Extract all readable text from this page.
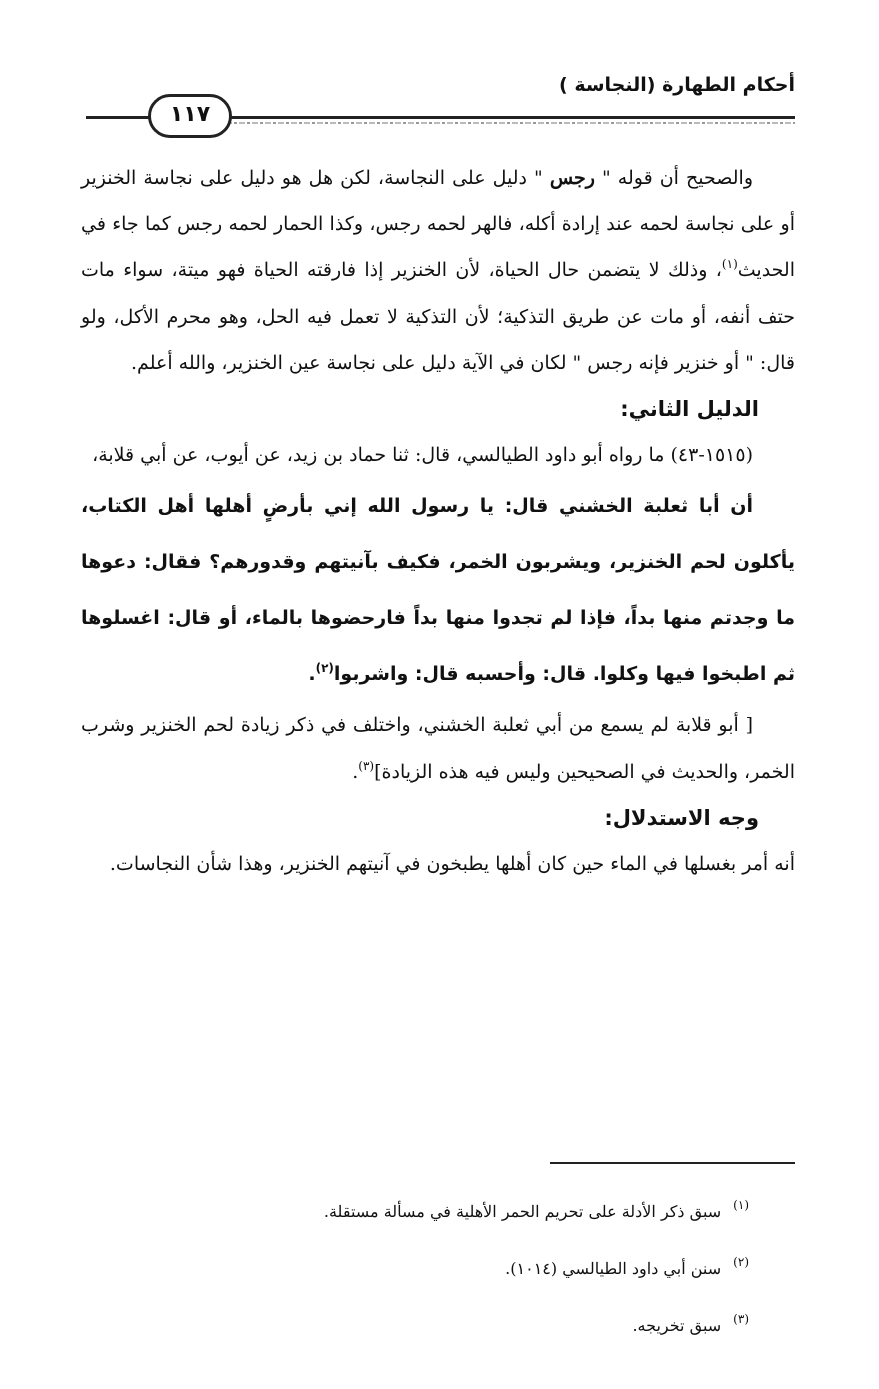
أحكام الطهارة (النجاسة )
١١٧

والصحيح أن قوله " رجس " دليل على النجاسة، لكن هل هو دليل على نجاسة الخنزير أو على نجاسة لحمه عند إرادة أكله، فالهر لحمه رجس، وكذا الحمار لحمه رجس كما جاء في الحديث$^{(١)}$، وذلك لا يتضمن حال الحياة، لأن الخنزير إذا فارقته الحياة فهو ميتة، سواء مات حتف أنفه، أو مات عن طريق التذكية؛ لأن التذكية لا تعمل فيه الحل، وهو محرم الأكل، ولو قال: " أو خنزير فإنه رجس " لكان في الآية دليل على نجاسة عين الخنزير، والله أعلم.

الدليل الثاني:

(١٥١٥-٤٣) ما رواه أبو داود الطيالسي، قال: ثنا حماد بن زيد، عن أيوب، عن أبي قلابة،

أن أبا ثعلبة الخشني قال: يا رسول الله إني بأرضٍ أهلها أهل الكتاب، يأكلون لحم الخنزير، ويشربون الخمر، فكيف بآنيتهم وقدورهم؟ فقال: دعوها ما وجدتم منها بداً، فإذا لم تجدوا منها بداً فارحضوها بالماء، أو قال: اغسلوها ثم اطبخوا فيها وكلوا. قال: وأحسبه قال: واشربوا$^{(٢)}$.

[ أبو قلابة لم يسمع من أبي ثعلبة الخشني، واختلف في ذكر زيادة لحم الخنزير وشرب الخمر، والحديث في الصحيحين وليس فيه هذه الزيادة]$^{(٣)}$.

وجه الاستدلال:

أنه أمر بغسلها في الماء حين كان أهلها يطبخون في آنيتهم الخنزير، وهذا شأن النجاسات.

$^{(١)}$سبق ذكر الأدلة على تحريم الحمر الأهلية في مسألة مستقلة.

$^{(٢)}$سنن أبي داود الطيالسي (١٠١٤).

$^{(٣)}$سبق تخريجه.
